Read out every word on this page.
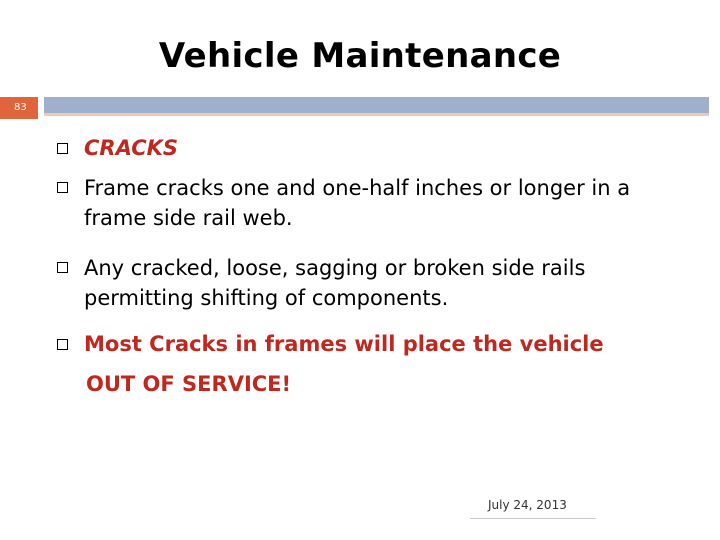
Vehicle Maintenance
83
CRACKS
Frame cracks one and one-half inches or longer in a
frame side rail web.
Any cracked, loose, sagging or broken side rails
permitting shifting of components.
Most Cracks in frames will place the vehicle
OUT OF SERVICE!
July 24, 2013
